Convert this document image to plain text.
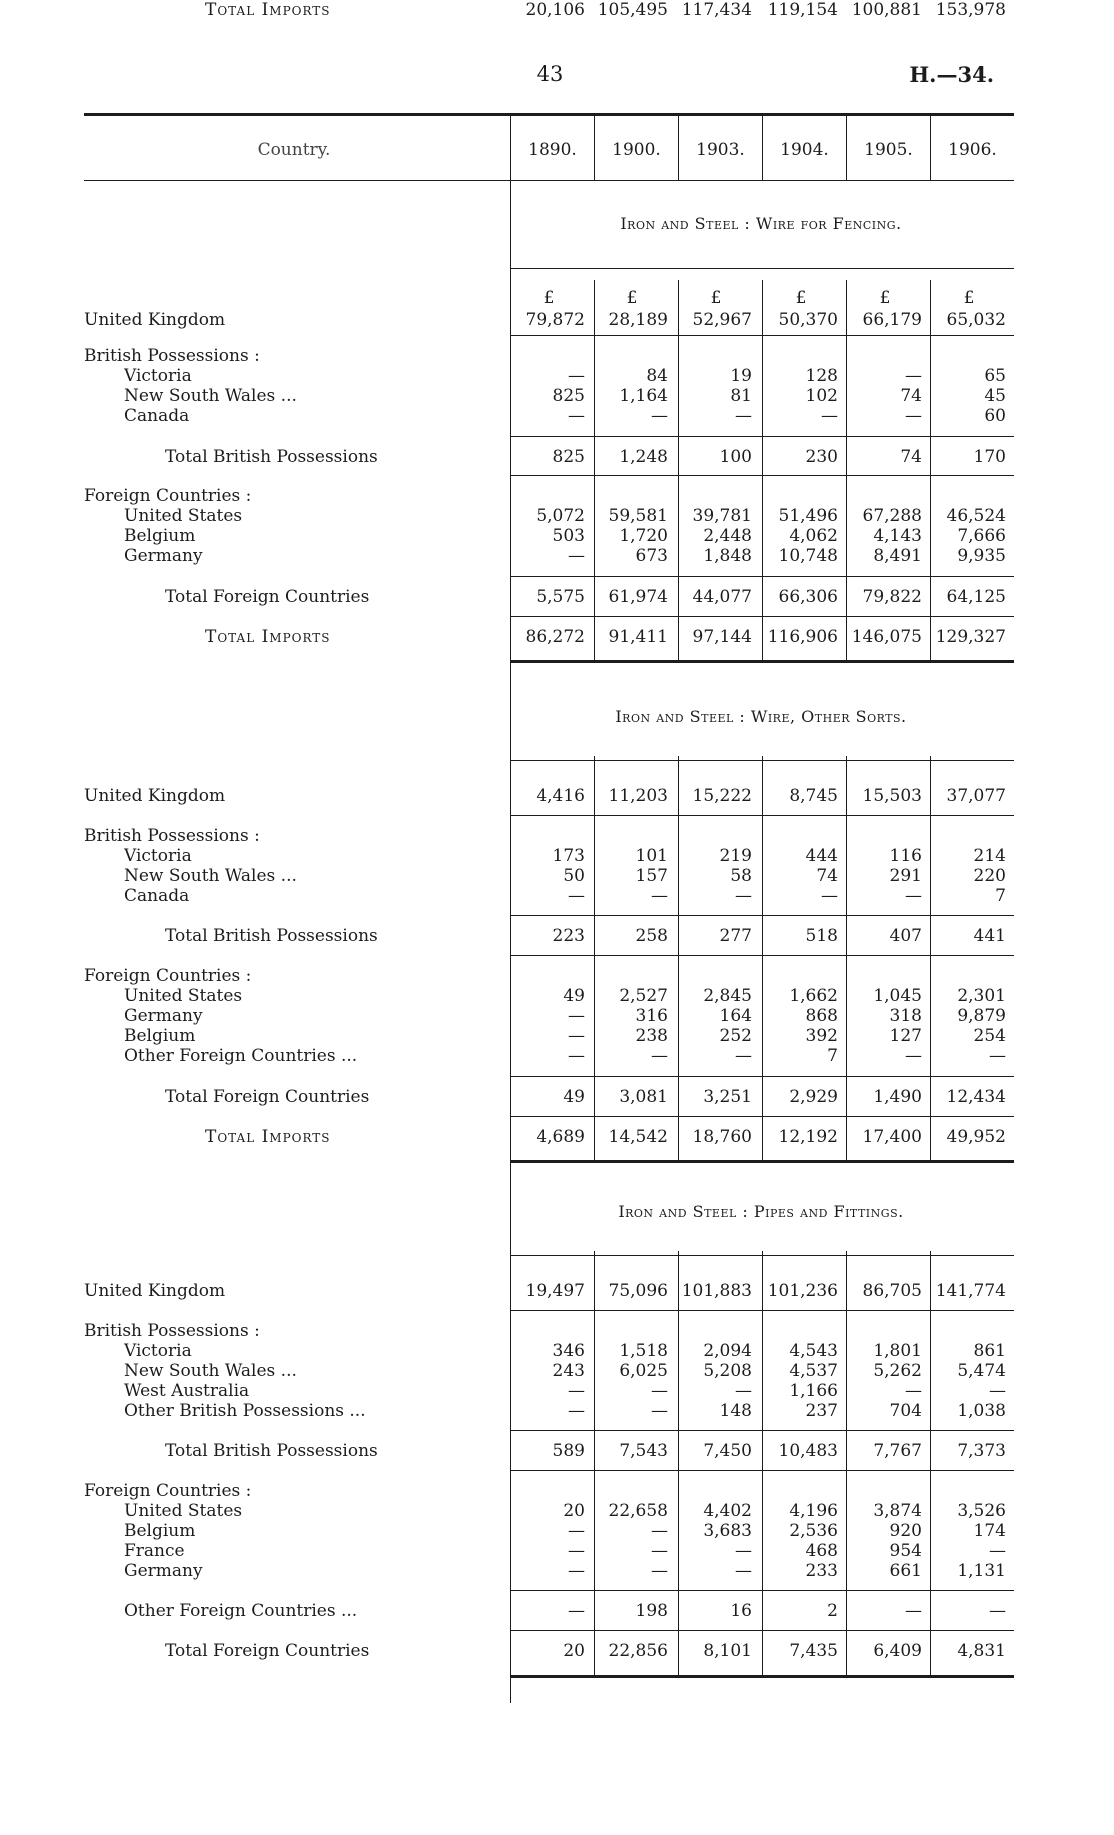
43	H.—34.
Country.	1890.	1900.	1903.	1904.	1905.	1906.
Iron and Steel : Wire for Fencing.
Iron and Steel : Wire, Other Sorts.
Iron and Steel : Pipes and Fittings.
£	£	£	£	£	£
United Kingdom	79,872	28,189	52,967	50,370	66,179	65,032
British Possessions :
Victoria	—	84	19	128	—	65
New South Wales ...	825	1,164	81	102	74	45
Canada	—	—	—	—	—	60
Total British Possessions	825	1,248	100	230	74	170
Foreign Countries :
United States	5,072	59,581	39,781	51,496	67,288	46,524
Belgium	503	1,720	2,448	4,062	4,143	7,666
Germany	—	673	1,848	10,748	8,491	9,935
Total Foreign Countries	5,575	61,974	44,077	66,306	79,822	64,125
Total Imports	86,272	91,411	97,144 116,906 146,075 129,327
United Kingdom	4,416	11,203	15,222	8,745	15,503	37,077
British Possessions :
Victoria	173	101	219	444	116	214
New South Wales ...	50	157	58	74	291	220
Canada	—	—	—	—	—	7
Total British Possessions	223	258	277	518	407	441
Foreign Countries :
United States	49	2,527	2,845	1,662	1,045	2,301
Germany	—	316	164	868	318	9,879
Belgium	—	238	252	392	127	254
Other Foreign Countries ...	—	—	—	7	—	—
Total Foreign Countries	49	3,081	3,251	2,929	1,490	12,434
Total Imports	4,689	14,542	18,760	12,192	17,400	49,952
United Kingdom	19,497	75,096 101,883 101,236	86,705 141,774
British Possessions :
Victoria	346	1,518	2,094	4,543	1,801	861
New South Wales ...	243	6,025	5,208	4,537	5,262	5,474
West Australia	—	—	—	1,166	—	—
Other British Possessions ...	—	—	148	237	704	1,038
Total British Possessions	589	7,543	7,450	10,483	7,767	7,373
Foreign Countries :
United States	20	22,658	4,402	4,196	3,874	3,526
Belgium	—	—	3,683	2,536	920	174
France	—	—	—	468	954	—
Germany	—	—	—	233	661	1,131
Other Foreign Countries ...	—	198	16	2	—	—
Total Foreign Countries	20	22,856	8,101	7,435	6,409	4,831
Total Imports	20,106 105,495 117,434 119,154 100,881 153,978
